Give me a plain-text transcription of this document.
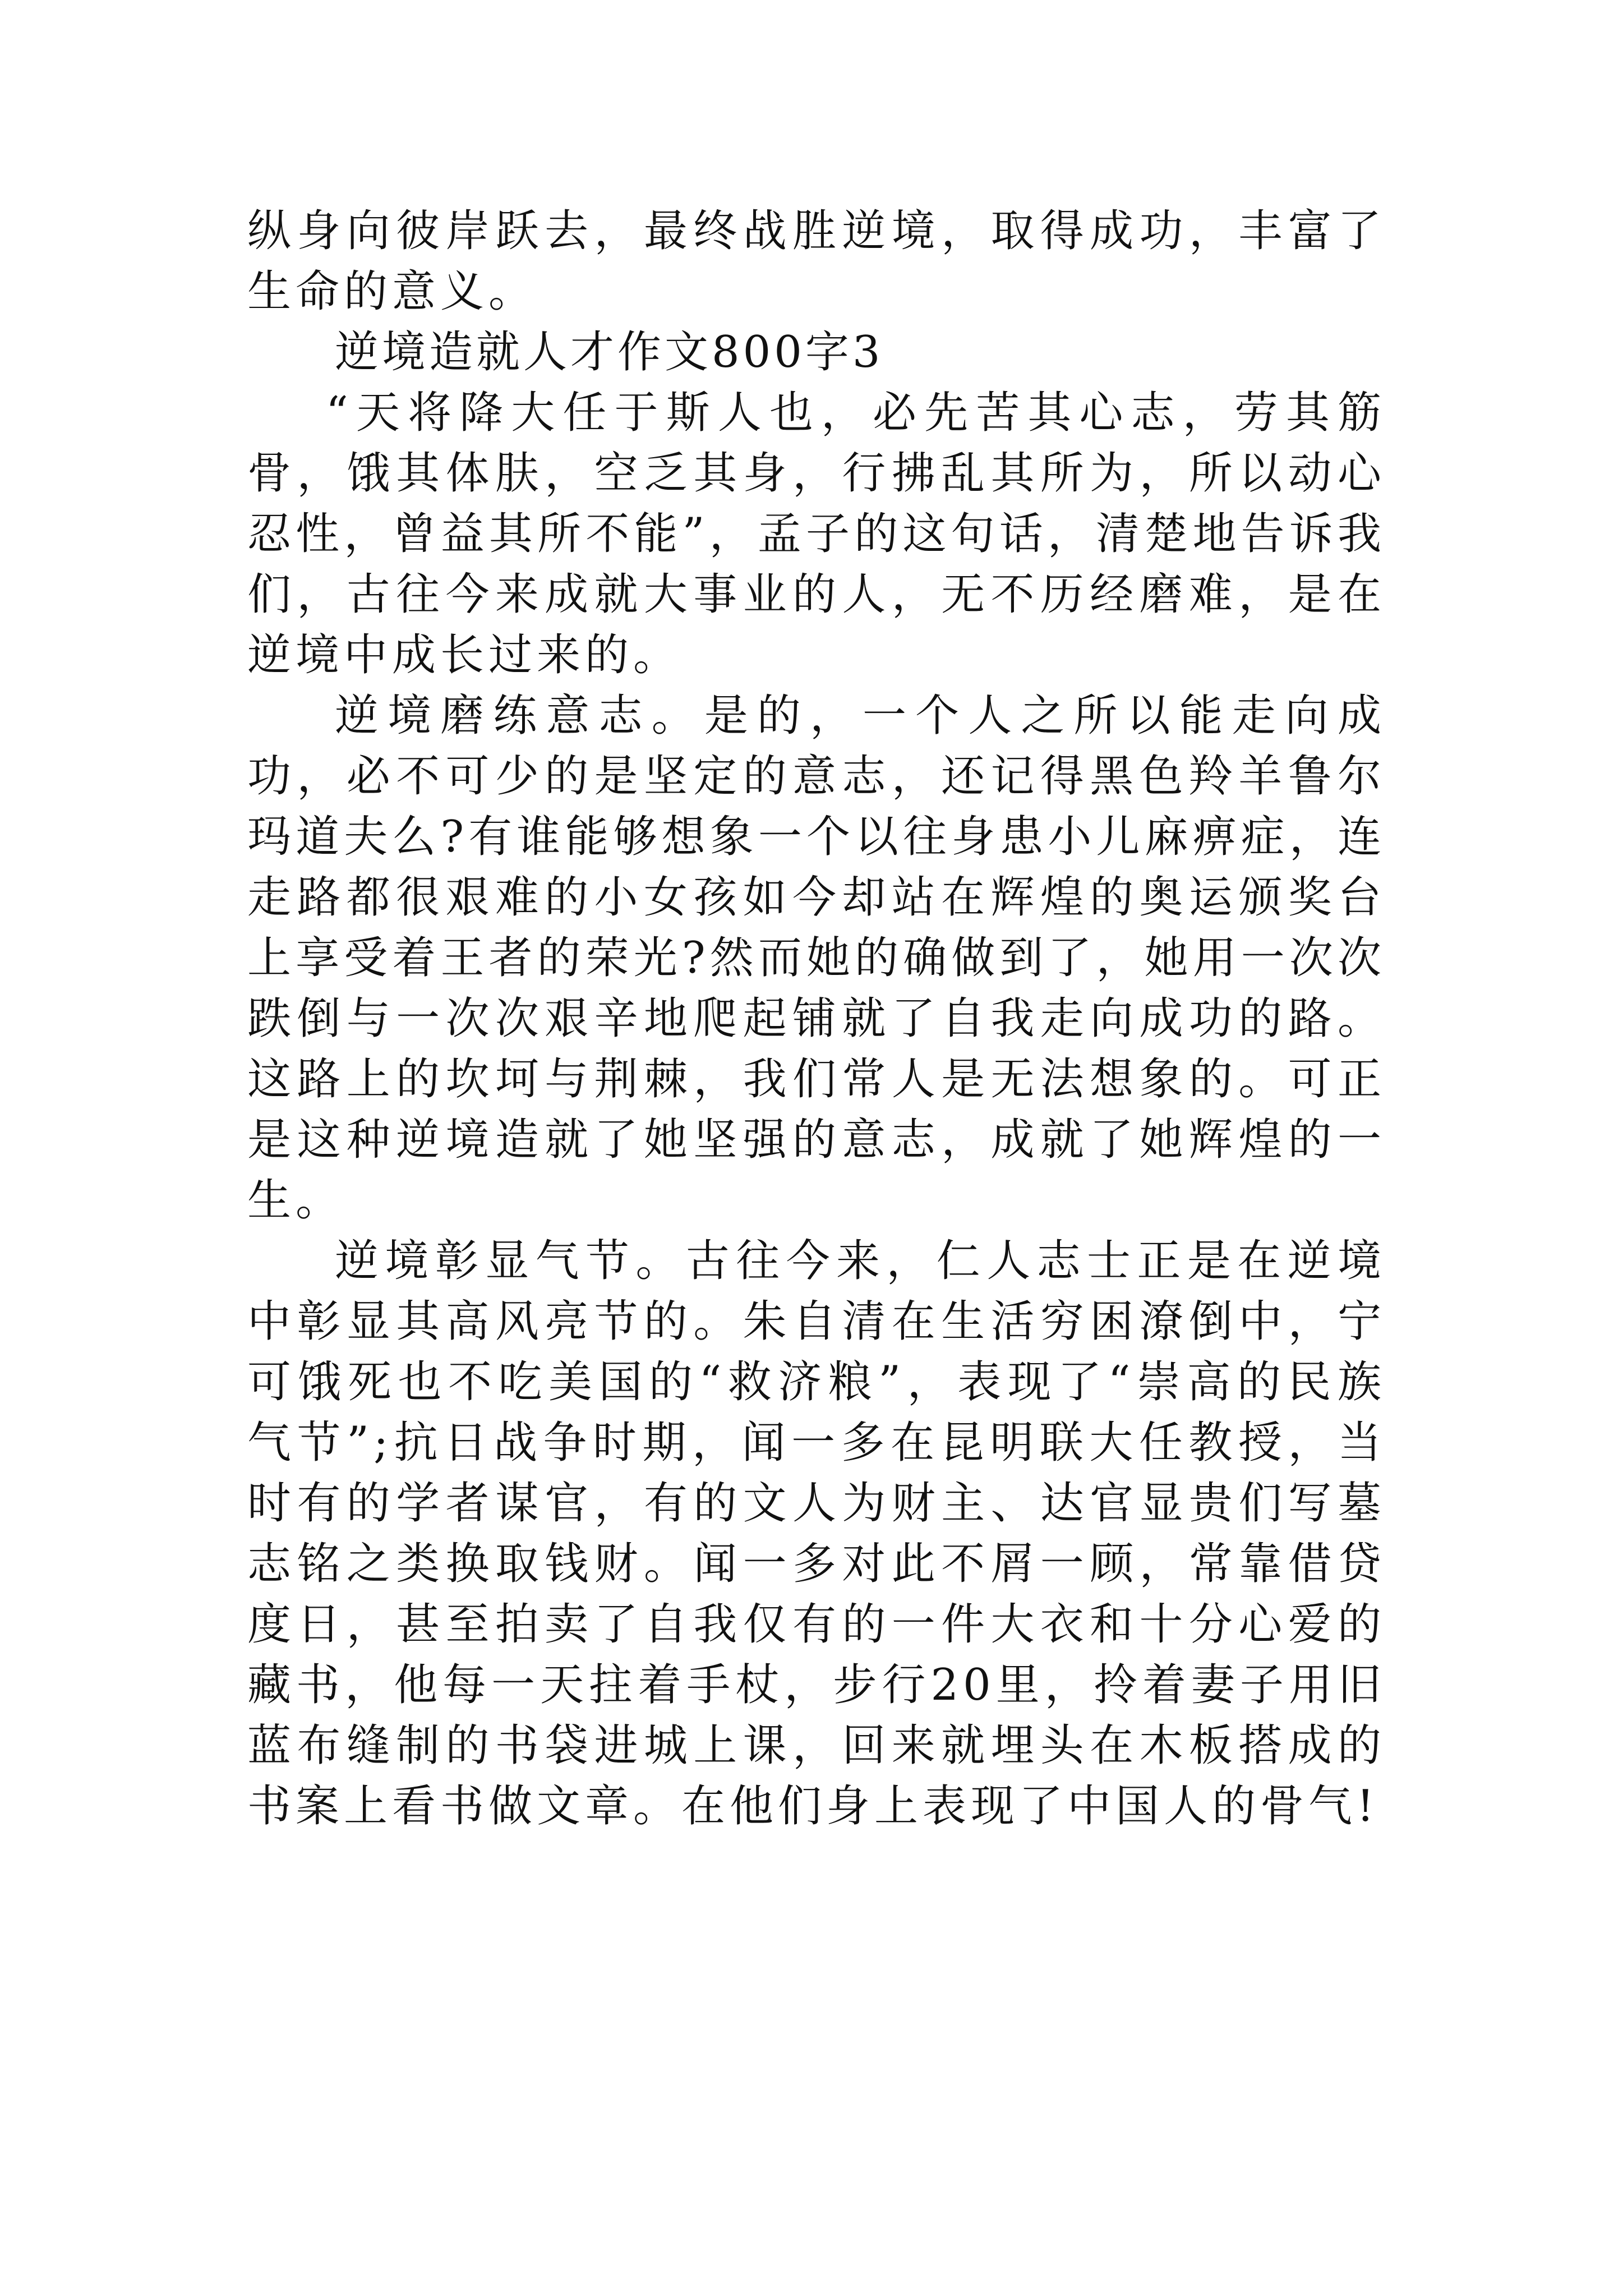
纵身向彼岸跃去，最终战胜逆境，取得成功，丰富了生命的意义。

逆境造就人才作文800字3

“天将降大任于斯人也，必先苦其心志，劳其筋骨，饿其体肤，空乏其身，行拂乱其所为，所以动心忍性，曾益其所不能”，孟子的这句话，清楚地告诉我们，古往今来成就大事业的人，无不历经磨难，是在逆境中成长过来的。

逆境磨练意志。是的，一个人之所以能走向成功，必不可少的是坚定的意志，还记得黑色羚羊鲁尔玛道夫么?有谁能够想象一个以往身患小儿麻痹症，连走路都很艰难的小女孩如今却站在辉煌的奥运颁奖台上享受着王者的荣光?然而她的确做到了，她用一次次跌倒与一次次艰辛地爬起铺就了自我走向成功的路。这路上的坎坷与荆棘，我们常人是无法想象的。可正是这种逆境造就了她坚强的意志，成就了她辉煌的一生。

逆境彰显气节。古往今来，仁人志士正是在逆境中彰显其高风亮节的。朱自清在生活穷困潦倒中，宁可饿死也不吃美国的“救济粮”，表现了“崇高的民族气节”;抗日战争时期，闻一多在昆明联大任教授，当时有的学者谋官，有的文人为财主、达官显贵们写墓志铭之类换取钱财。闻一多对此不屑一顾，常靠借贷度日，甚至拍卖了自我仅有的一件大衣和十分心爱的藏书，他每一天拄着手杖，步行20里，拎着妻子用旧蓝布缝制的书袋进城上课，回来就埋头在木板搭成的书案上看书做文章。在他们身上表现了中国人的骨气!
